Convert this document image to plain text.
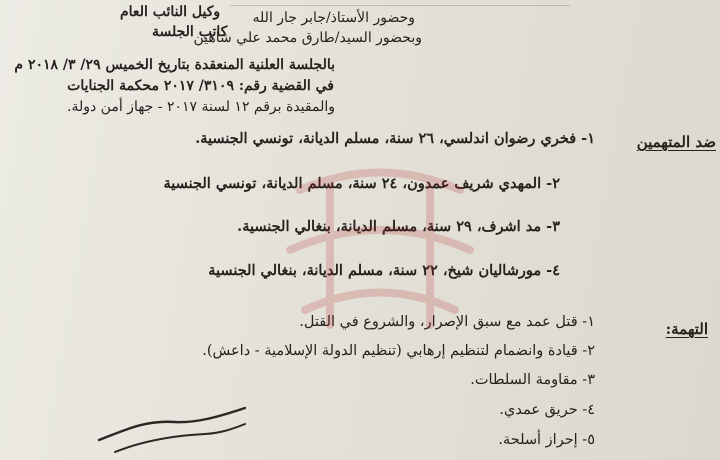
وكيل النائب العام
كاتب الجلسة
وحضور الأستاذ/جابر جار الله
وبحضور السيد/طارق محمد علي شاهين
بالجلسة العلنية المنعقدة بتاريخ الخميس ٢٩/ ٣/ ٢٠١٨ م
في القضية رقم: ٣١٠٩/ ٢٠١٧ محكمة الجنايات
والمقيدة برقم ١٢ لسنة ٢٠١٧ - جهاز أمن دولة.
ضد المتهمين
١- فخري رضوان اندلسي، ٢٦ سنة، مسلم الديانة، تونسي الجنسية.
٢- المهدي شريف عمدون، ٢٤ سنة، مسلم الديانة، تونسي الجنسية
٣- مد اشرف، ٢٩ سنة، مسلم الديانة، بنغالي الجنسية.
٤- مورشاليان شيخ، ٢٢ سنة، مسلم الديانة، بنغالي الجنسية
التهمة:
١- قتل عمد مع سبق الإصرار، والشروع في القتل.
٢- قيادة وانضمام لتنظيم إرهابي (تنظيم الدولة الإسلامية - داعش).
٣- مقاومة السلطات.
٤- حريق عمدي.
٥- إحراز أسلحة.
